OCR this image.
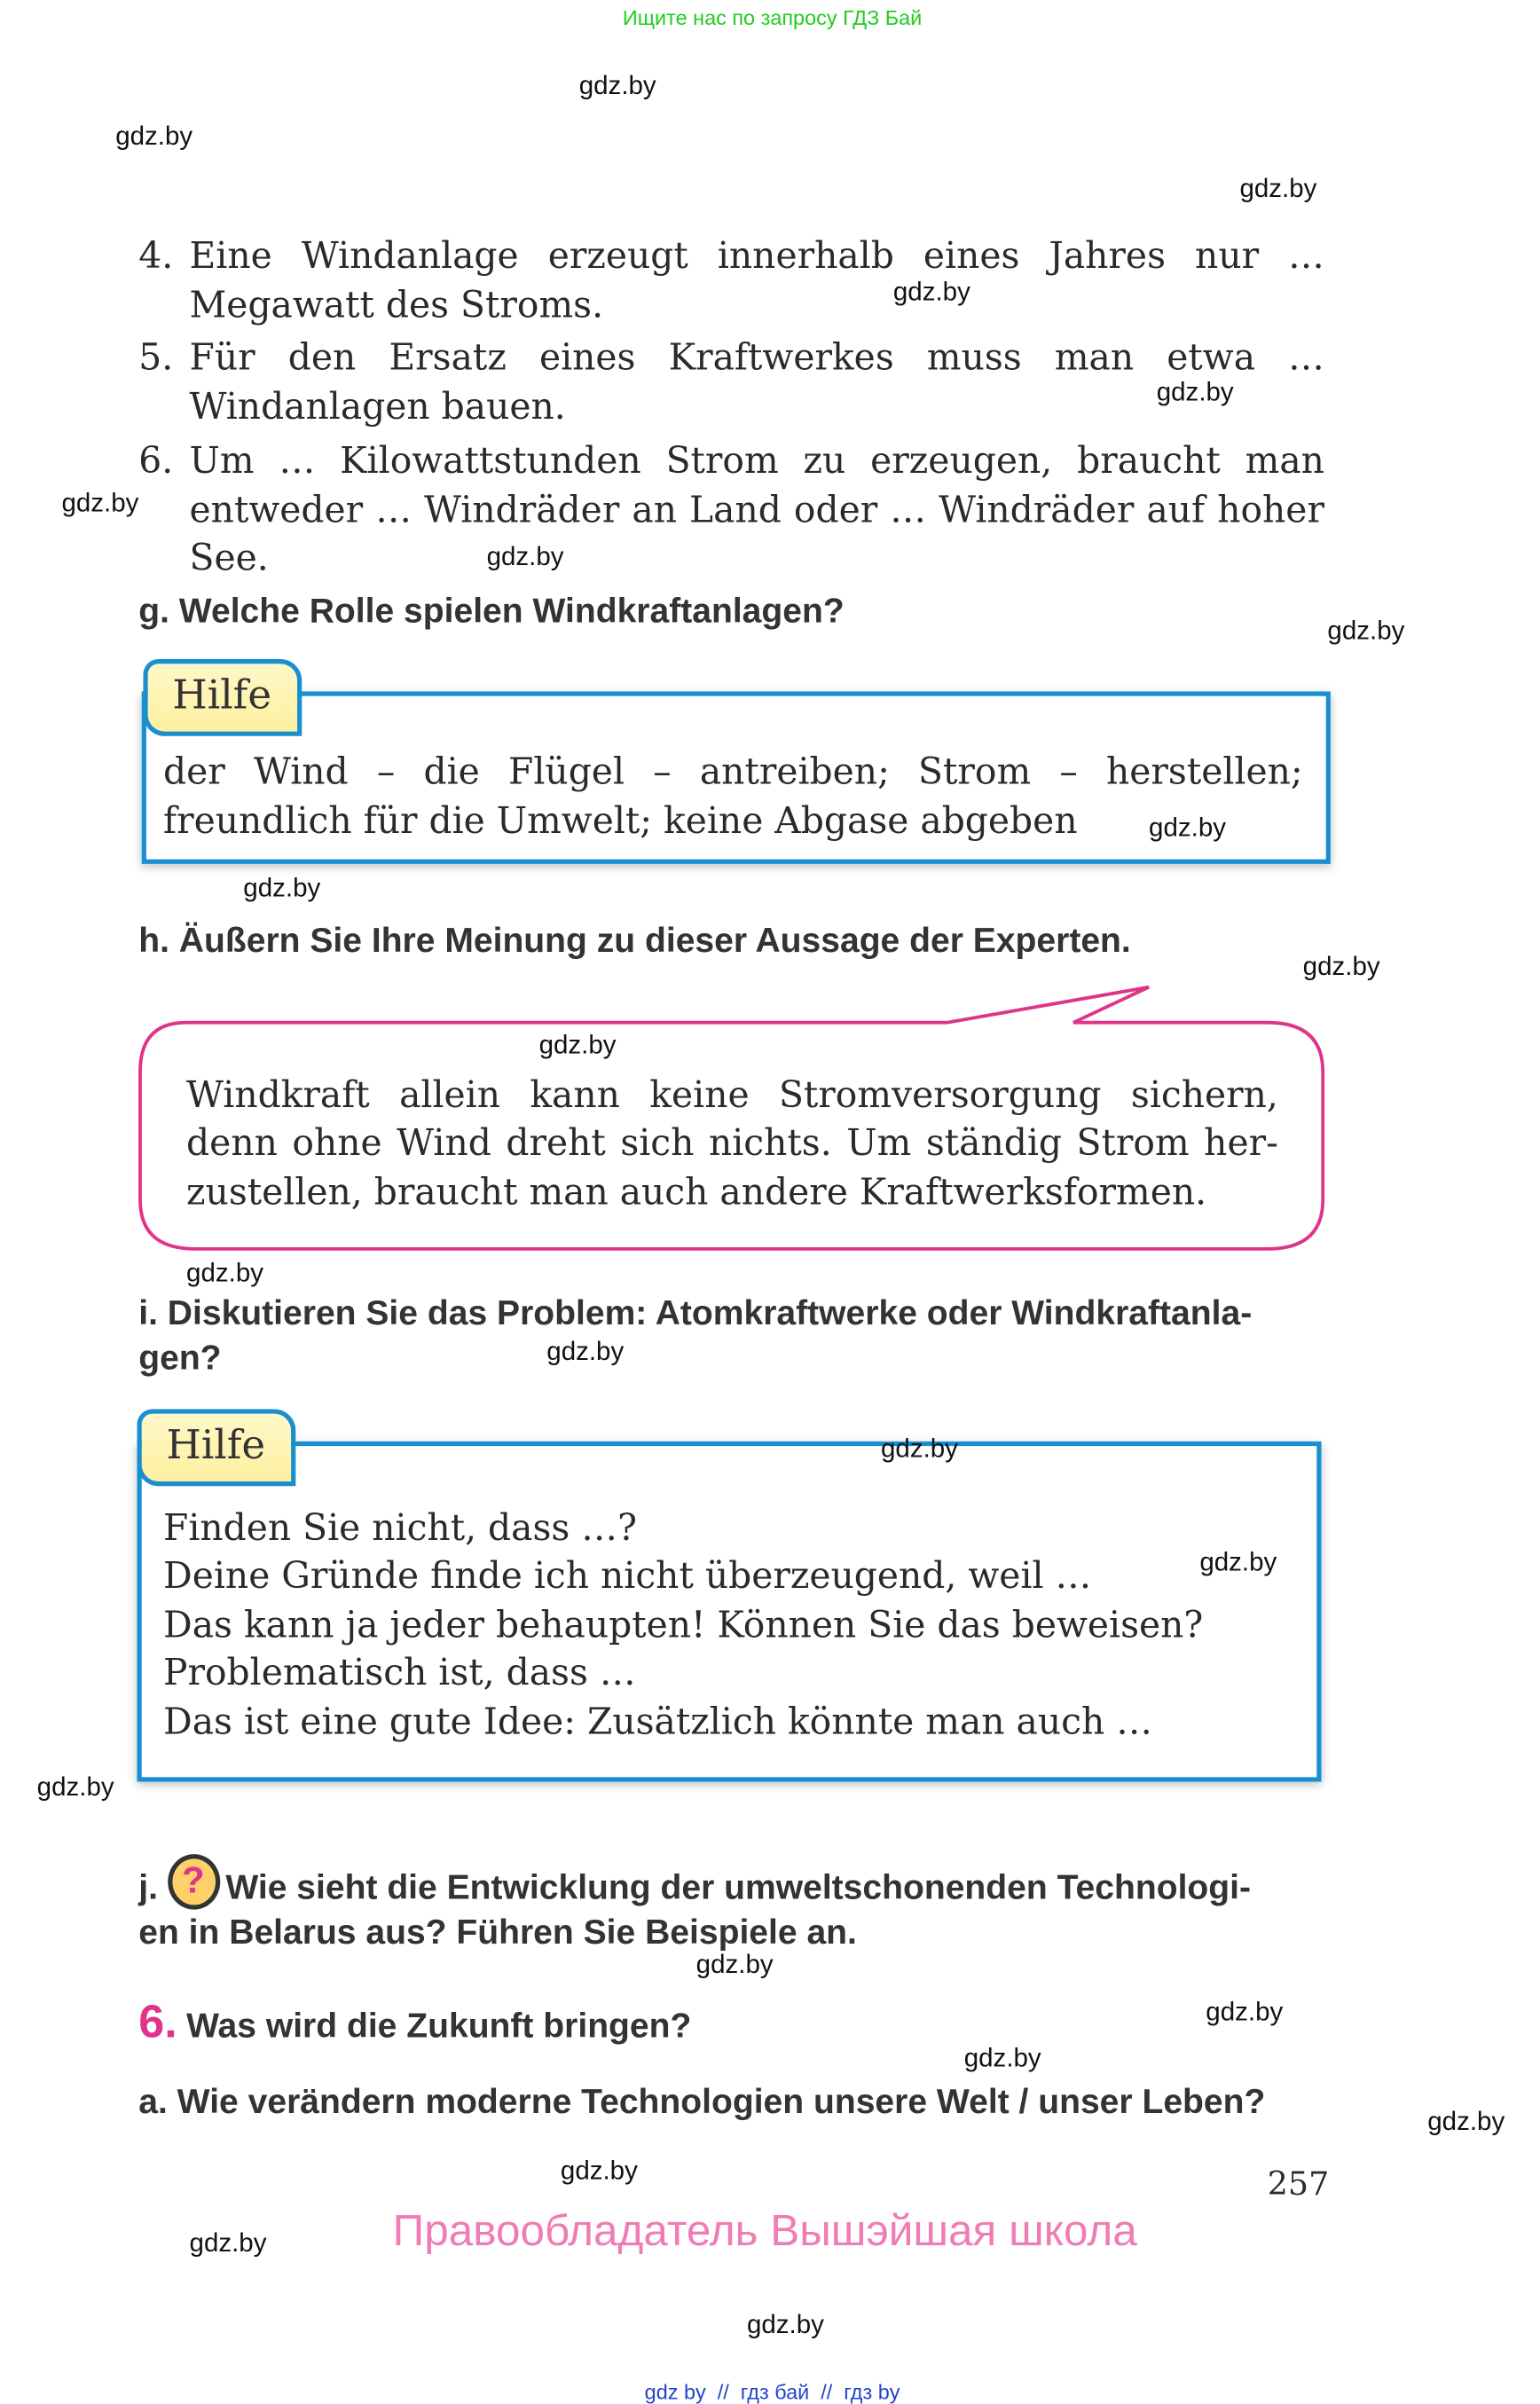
Ищите нас по запросу ГДЗ Бай
gdz.by
gdz.by
gdz.by
gdz.by
gdz.by
gdz.by
gdz.by
gdz.by
gdz.by
gdz.by
gdz.by
gdz.by
gdz.by
gdz.by
gdz.by
gdz.by
gdz.by
gdz.by
gdz.by
gdz.by
gdz.by
gdz.by
gdz.by
gdz.by
4. Eine Windanlage erzeugt innerhalb eines Jahres nur … Megawatt des Stroms.
5. Für den Ersatz eines Kraftwerkes muss man etwa … Windanlagen bauen.
6. Um … Kilowattstunden Strom zu erzeugen, braucht man entweder … Windräder an Land oder … Windräder auf hoher See.
g. Welche Rolle spielen Windkraftanlagen?
der Wind – die Flügel – antreiben; Strom – herstellen;
freundlich für die Umwelt; keine Abgase abgeben
Hilfe
h. Äußern Sie Ihre Meinung zu dieser Aussage der Experten.
Windkraft allein kann keine Stromversorgung sichern,
denn ohne Wind dreht sich nichts. Um ständig Strom her-
zustellen, braucht man auch andere Kraftwerksformen.
i. Diskutieren Sie das Problem: Atomkraftwerke oder Windkraftanla-
gen?
Finden Sie nicht, dass …?
Deine Gründe finde ich nicht überzeugend, weil …
Das kann ja jeder behaupten! Können Sie das beweisen?
Problematisch ist, dass …
Das ist eine gute Idee: Zusätzlich könnte man auch …
Hilfe
j. ? Wie sieht die Entwicklung der umweltschonenden Technologi-
en in Belarus aus? Führen Sie Beispiele an.
6. Was wird die Zukunft bringen?
a. Wie verändern moderne Technologien unsere Welt / unser Leben?
257
Правообладатель Вышэйшая школа
gdz by  //  гдз бай  //  гдз by
